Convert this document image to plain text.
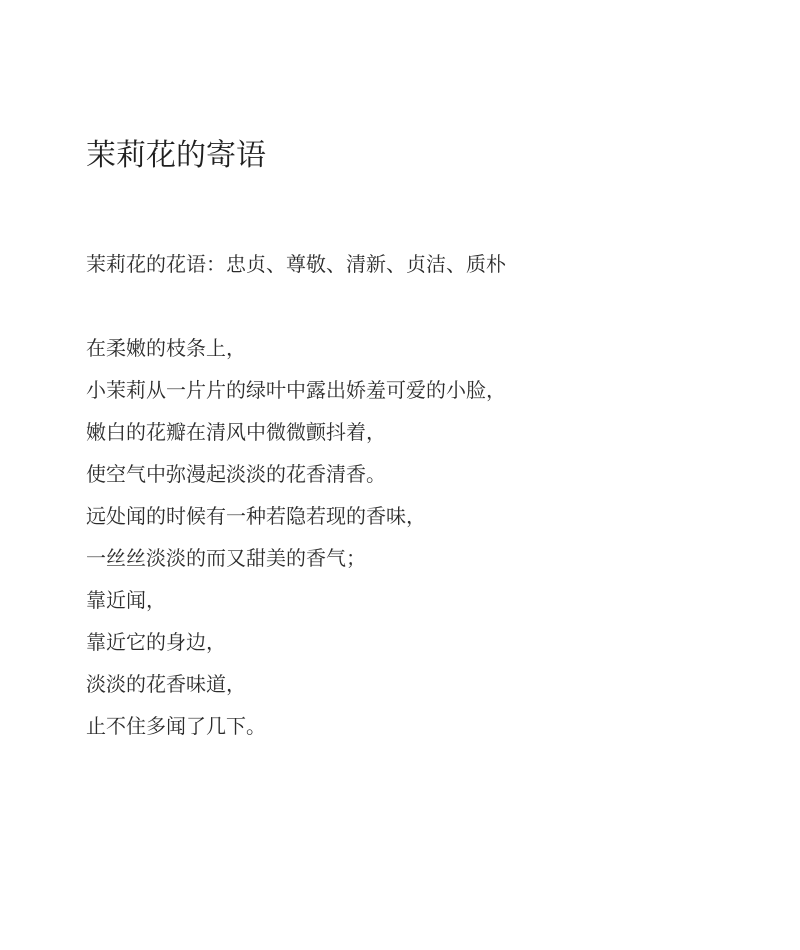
茉莉花的寄语

茉莉花的花语：忠贞、尊敬、清新、贞洁、质朴

在柔嫩的枝条上，
小茉莉从一片片的绿叶中露出娇羞可爱的小脸，
嫩白的花瓣在清风中微微颤抖着，
使空气中弥漫起淡淡的花香清香。
远处闻的时候有一种若隐若现的香味，
一丝丝淡淡的而又甜美的香气；
靠近闻，
靠近它的身边，
淡淡的花香味道，
止不住多闻了几下。
